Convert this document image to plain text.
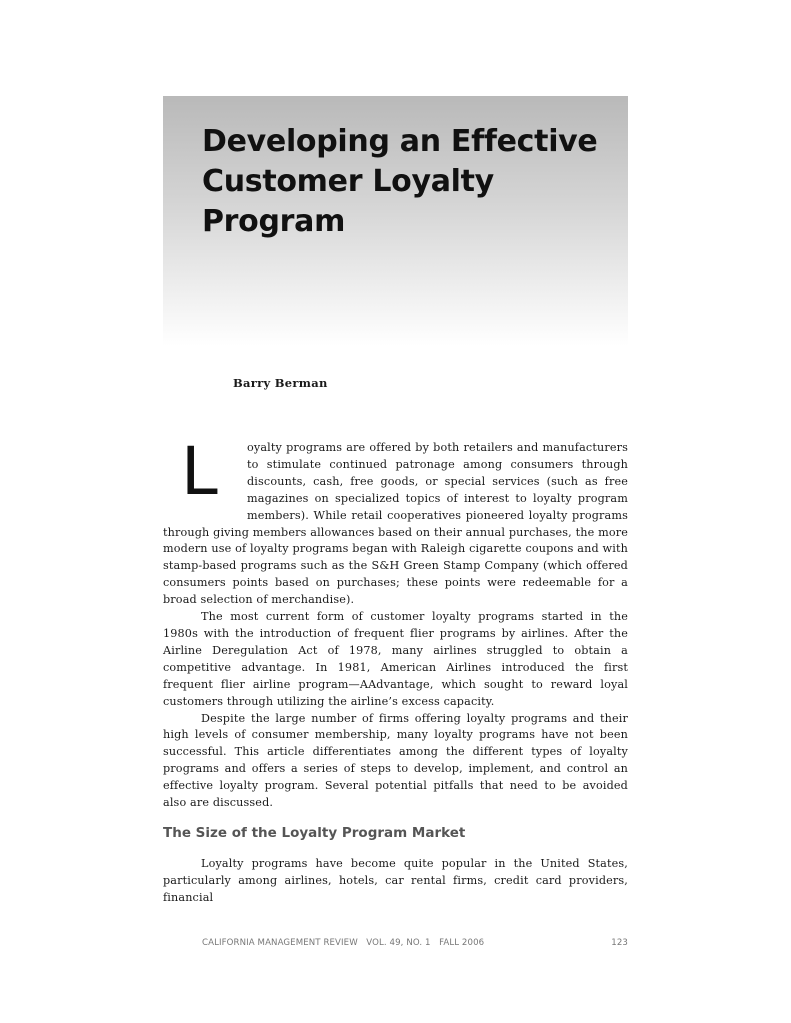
Developing an Effective
Customer Loyalty Program

Barry Berman

L	oyalty programs are offered by both retailers and manufacturers to stimulate continued patronage among consumers through discounts, cash, free goods, or special services (such as free magazines on specialized topics of interest to loyalty program members). While retail cooperatives pioneered loyalty programs through giving members allowances based on their annual purchases, the more modern use of loyalty programs began with Raleigh cigarette coupons and with stamp-based programs such as the S&H Green Stamp Company (which offered consumers points based on purchases; these points were redeemable for a broad selection of merchandise).

The most current form of customer loyalty programs started in the 1980s with the introduction of frequent flier programs by airlines. After the Airline Deregulation Act of 1978, many airlines struggled to obtain a competitive advantage. In 1981, American Airlines introduced the first frequent flier airline program—AAdvantage, which sought to reward loyal customers through utilizing the airline’s excess capacity.

Despite the large number of firms offering loyalty programs and their high levels of consumer membership, many loyalty programs have not been successful. This article differentiates among the different types of loyalty programs and offers a series of steps to develop, implement, and control an effective loyalty program. Several potential pitfalls that need to be avoided also are discussed.

The Size of the Loyalty Program Market

Loyalty programs have become quite popular in the United States, particularly among airlines, hotels, car rental firms, credit card providers, financial

CALIFORNIA MANAGEMENT REVIEW   VOL. 49, NO. 1   FALL 2006	123
